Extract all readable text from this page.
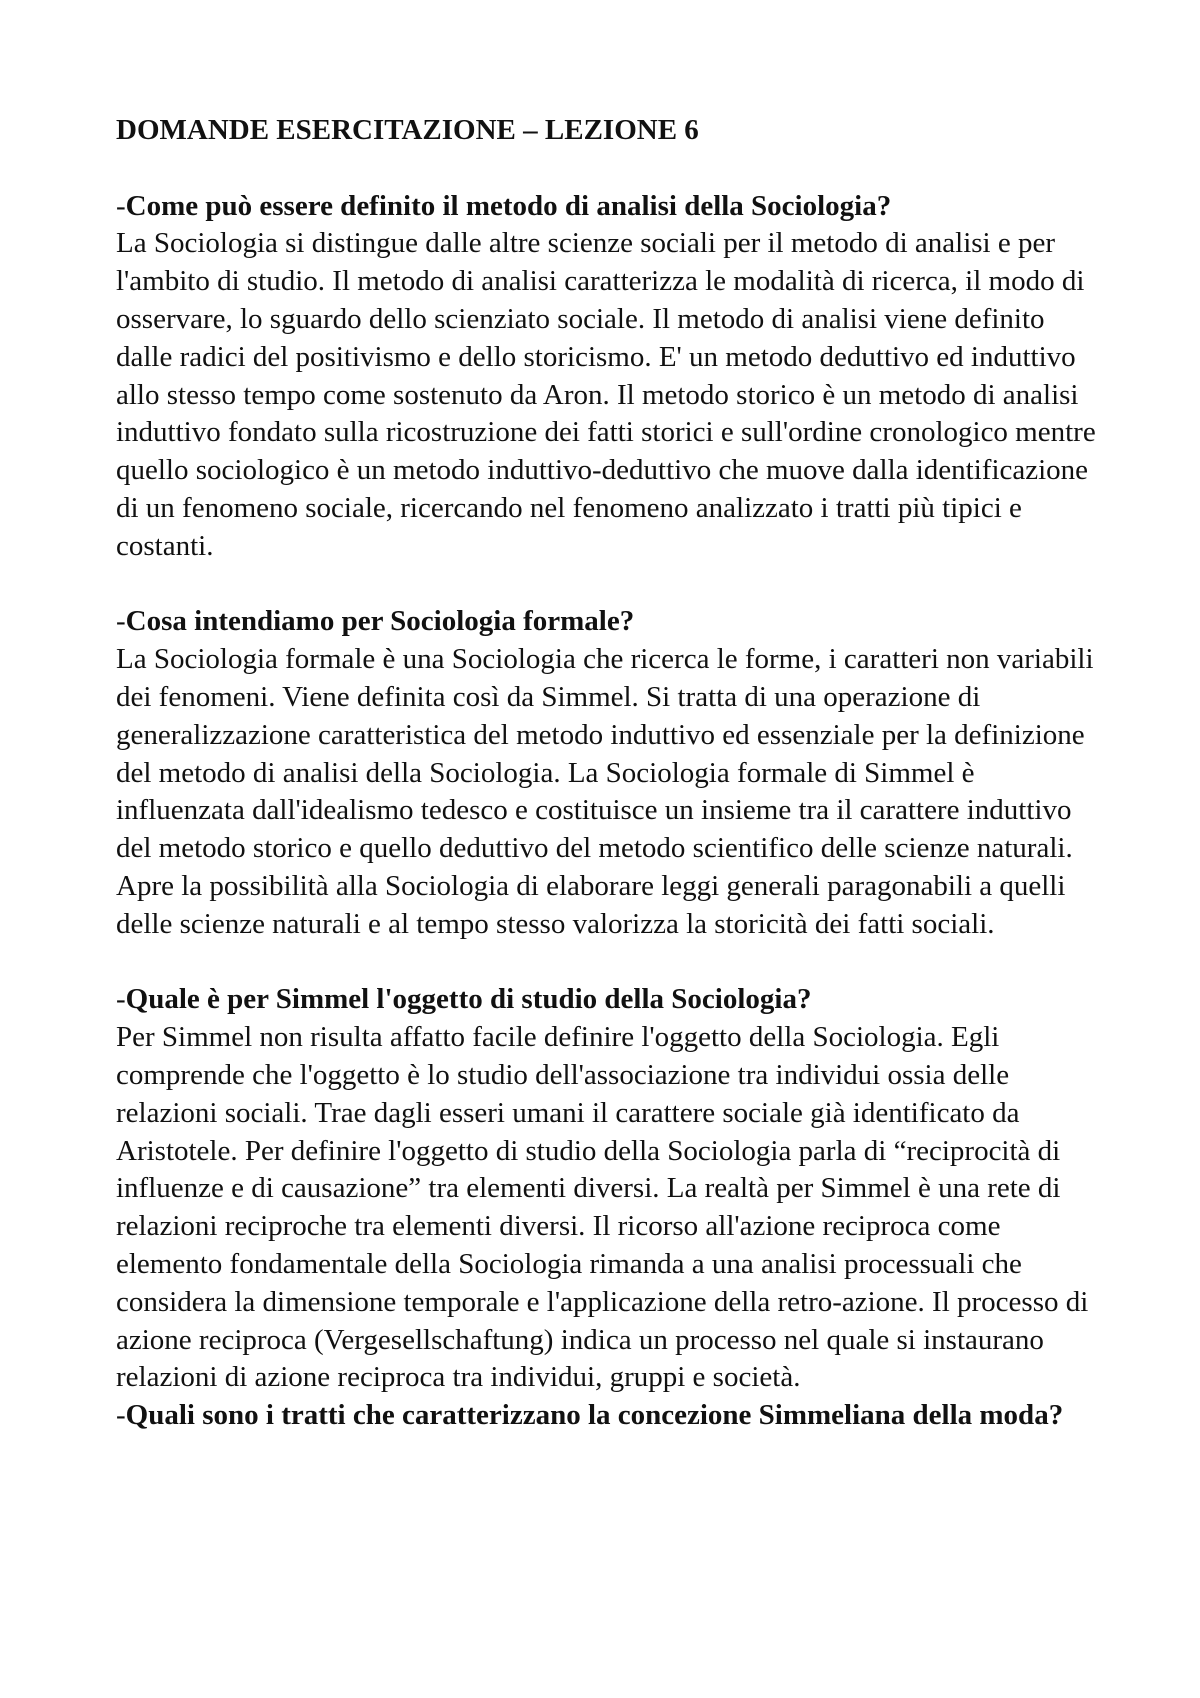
DOMANDE ESERCITAZIONE – LEZIONE 6

-Come può essere definito il metodo di analisi della Sociologia?

La Sociologia si distingue dalle altre scienze sociali per il metodo di analisi e per l'ambito di studio. Il metodo di analisi caratterizza le modalità di ricerca, il modo di osservare, lo sguardo dello scienziato sociale. Il metodo di analisi viene definito dalle radici del positivismo e dello storicismo. E' un metodo deduttivo ed induttivo allo stesso tempo come sostenuto da Aron. Il metodo storico è un metodo di analisi induttivo fondato sulla ricostruzione dei fatti storici e sull'ordine cronologico mentre quello sociologico è un metodo induttivo-deduttivo che muove dalla identificazione di un fenomeno sociale, ricercando nel fenomeno analizzato i tratti più tipici e costanti.

-Cosa intendiamo per Sociologia formale?

La Sociologia formale è una Sociologia che ricerca le forme, i caratteri non variabili dei fenomeni. Viene definita così da Simmel. Si tratta di una operazione di generalizzazione caratteristica del metodo induttivo ed essenziale per la definizione del metodo di analisi della Sociologia. La Sociologia formale di Simmel è influenzata dall'idealismo tedesco e costituisce un insieme tra il carattere induttivo del metodo storico e quello deduttivo del metodo scientifico delle scienze naturali. Apre la possibilità alla Sociologia di elaborare leggi generali paragonabili a quelli delle scienze naturali e al tempo stesso valorizza la storicità dei fatti sociali.

-Quale è per Simmel l'oggetto di studio della Sociologia?

Per Simmel non risulta affatto facile definire l'oggetto della Sociologia. Egli comprende che l'oggetto è lo studio dell'associazione tra individui ossia delle relazioni sociali. Trae dagli esseri umani il carattere sociale già identificato da Aristotele. Per definire l'oggetto di studio della Sociologia parla di “reciprocità di influenze e di causazione” tra elementi diversi. La realtà per Simmel è una rete di relazioni reciproche tra elementi diversi. Il ricorso all'azione reciproca come elemento fondamentale della Sociologia rimanda a una analisi processuali che considera la dimensione temporale e l'applicazione della retro-azione. Il processo di azione reciproca (Vergesellschaftung) indica un processo nel quale si instaurano relazioni di azione reciproca tra individui, gruppi e società.

-Quali sono i tratti che caratterizzano la concezione Simmeliana della moda?
